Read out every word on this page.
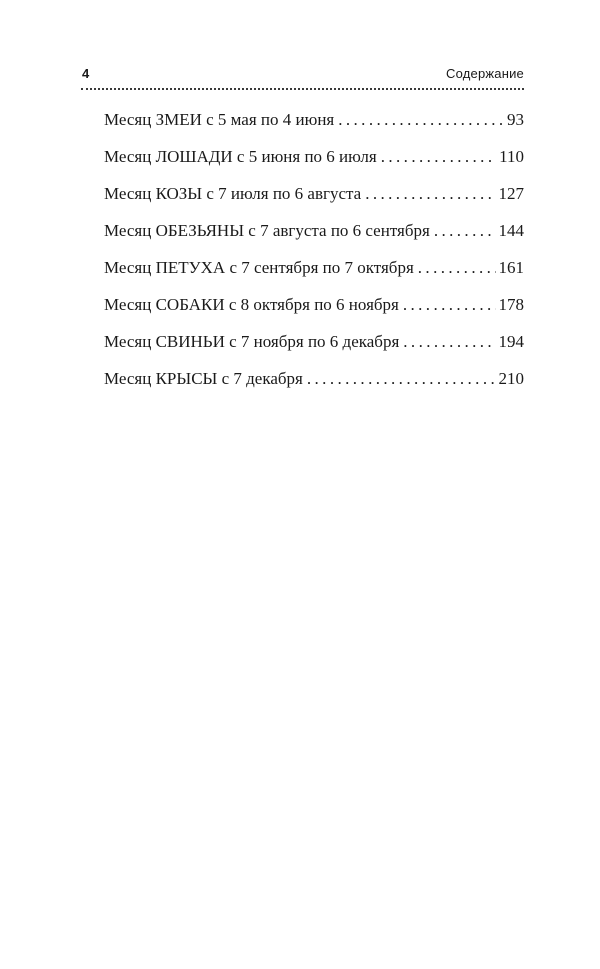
4	Содержание
Месяц ЗМЕИ с 5 мая по 4 июня .....	93
Месяц ЛОШАДИ с 5 июня по 6 июля .....	110
Месяц КОЗЫ с 7 июля по 6 августа .....	127
Месяц ОБЕЗЬЯНЫ с 7 августа по 6 сентября .....	144
Месяц ПЕТУХА с 7 сентября по 7 октября .....	161
Месяц СОБАКИ с 8 октября по 6 ноября .....	178
Месяц СВИНЬИ с 7 ноября по 6 декабря .....	194
Месяц КРЫСЫ с 7 декабря .....	210
